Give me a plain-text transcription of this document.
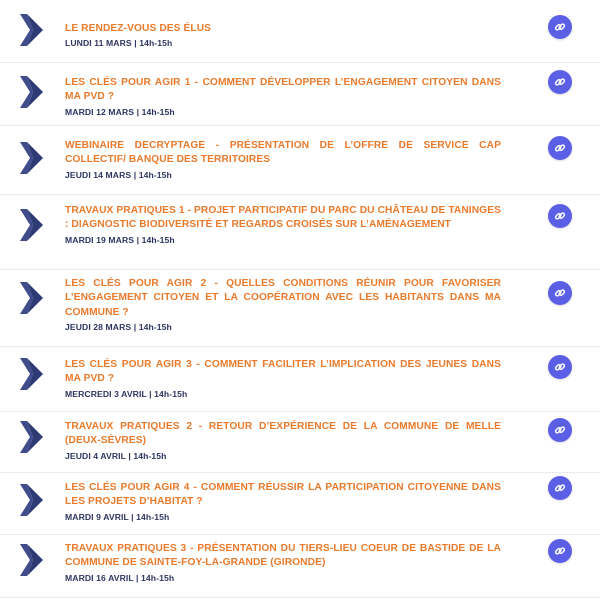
LE RENDEZ-VOUS DES ÉLUS

LUNDI 11 MARS | 14h-15h

LES CLÉS POUR AGIR 1 - COMMENT DÉVELOPPER L’ENGAGEMENT CITOYEN DANS MA PVD ?

MARDI 12 MARS | 14h-15h

WEBINAIRE DECRYPTAGE - PRÉSENTATION DE L’OFFRE DE SERVICE CAP COLLECTIF/ BANQUE DES TERRITOIRES

JEUDI 14 MARS | 14h-15h

TRAVAUX PRATIQUES 1 - PROJET PARTICIPATIF DU PARC DU CHÂTEAU DE TANINGES : DIAGNOSTIC BIODIVERSITÉ ET REGARDS CROISÉS SUR L’AMÉNAGEMENT

MARDI 19 MARS | 14h-15h

LES CLÉS POUR AGIR 2 - QUELLES CONDITIONS RÉUNIR POUR FAVORISER L’ENGAGEMENT CITOYEN ET LA COOPÉRATION AVEC LES HABITANTS DANS MA COMMUNE ?

JEUDI 28 MARS | 14h-15h

LES CLÉS POUR AGIR 3 - COMMENT FACILITER L’IMPLICATION DES JEUNES DANS MA PVD ?

MERCREDI 3 AVRIL | 14h-15h

TRAVAUX PRATIQUES 2 - RETOUR D’EXPÉRIENCE DE LA COMMUNE DE MELLE (DEUX-SÈVRES)

JEUDI 4 AVRIL | 14h-15h

LES CLÉS POUR AGIR 4 - COMMENT RÉUSSIR LA PARTICIPATION CITOYENNE DANS LES PROJETS D’HABITAT ?

MARDI 9 AVRIL | 14h-15h

TRAVAUX PRATIQUES 3 - PRÉSENTATION DU TIERS-LIEU COEUR DE BASTIDE DE LA COMMUNE DE SAINTE-FOY-LA-GRANDE (GIRONDE)

MARDI 16 AVRIL | 14h-15h
